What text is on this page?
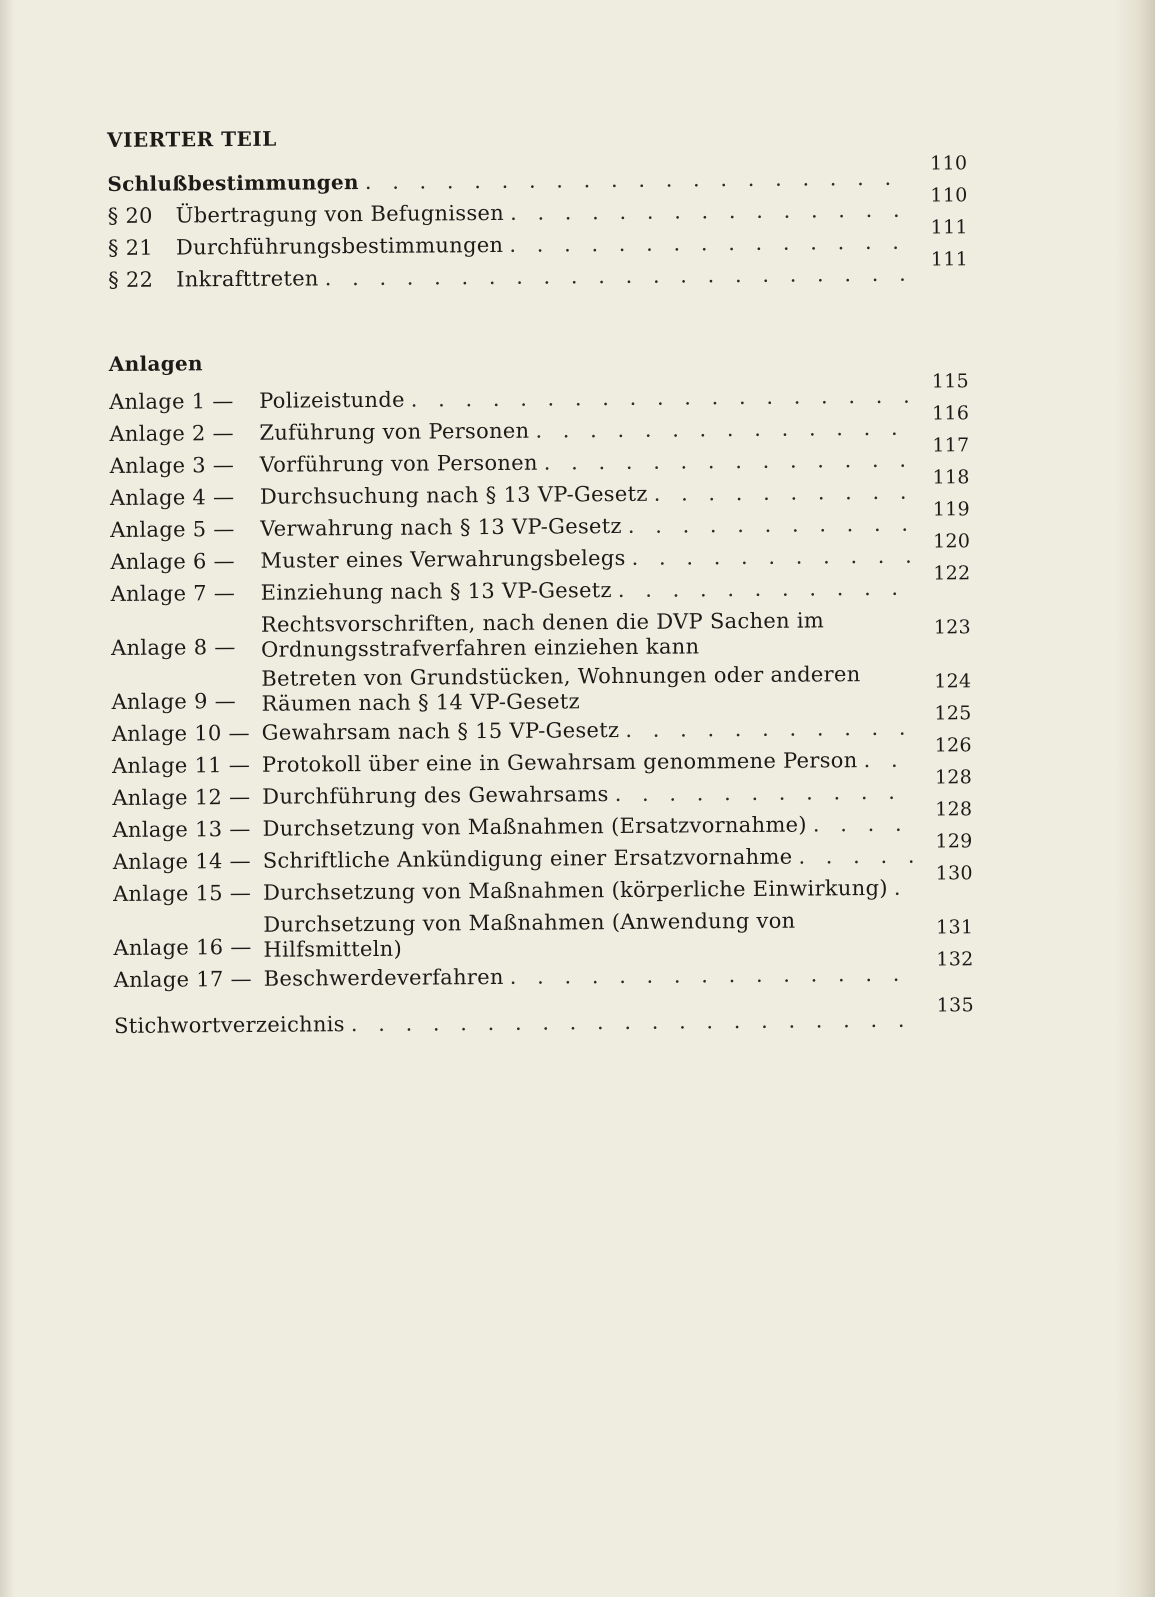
VIERTER TEIL
Schlußbestimmungen
. . .
110
§ 20	Übertragung von Befugnissen
. . .
110
§ 21	Durchführungsbestimmungen
. . .
111
§ 22	Inkrafttreten
. . .
111
Anlagen
Anlage 1 —	Polizeistunde
. . .
115
Anlage 2 —	Zuführung von Personen
. . .
116
Anlage 3 —	Vorführung von Personen
. . .
117
Anlage 4 —	Durchsuchung nach § 13 VP-Gesetz
. . .
118
Anlage 5 —	Verwahrung nach § 13 VP-Gesetz
. . .
119
Anlage 6 —	Muster eines Verwahrungsbelegs
. . .
120
Anlage 7 —	Einziehung nach § 13 VP-Gesetz
. . .
122
Anlage 8 —
Rechtsvorschriften, nach denen die DVP Sachen im Ordnungsstrafverfahren einziehen kann
. . .
123
Anlage 9 —
Betreten von Grundstücken, Wohnungen oder anderen Räumen nach § 14 VP-Gesetz
. . .
124
Anlage 10 — Gewahrsam nach § 15 VP-Gesetz
. . .
125
Anlage 11 — Protokoll über eine in Gewahrsam genommene Person
. . .
126
Anlage 12 — Durchführung des Gewahrsams
. . .
128
Anlage 13 — Durchsetzung von Maßnahmen (Ersatzvornahme)
. . .
128
Anlage 14 — Schriftliche Ankündigung einer Ersatzvornahme
. . .
129
Anlage 15 — Durchsetzung von Maßnahmen (körperliche Einwirkung)
. . .
130
Anlage 16 —
Durchsetzung von Maßnahmen (Anwendung von Hilfsmitteln)
. . .
131
Anlage 17 — Beschwerdeverfahren
. . .
132
Stichwortverzeichnis
. . .
135
